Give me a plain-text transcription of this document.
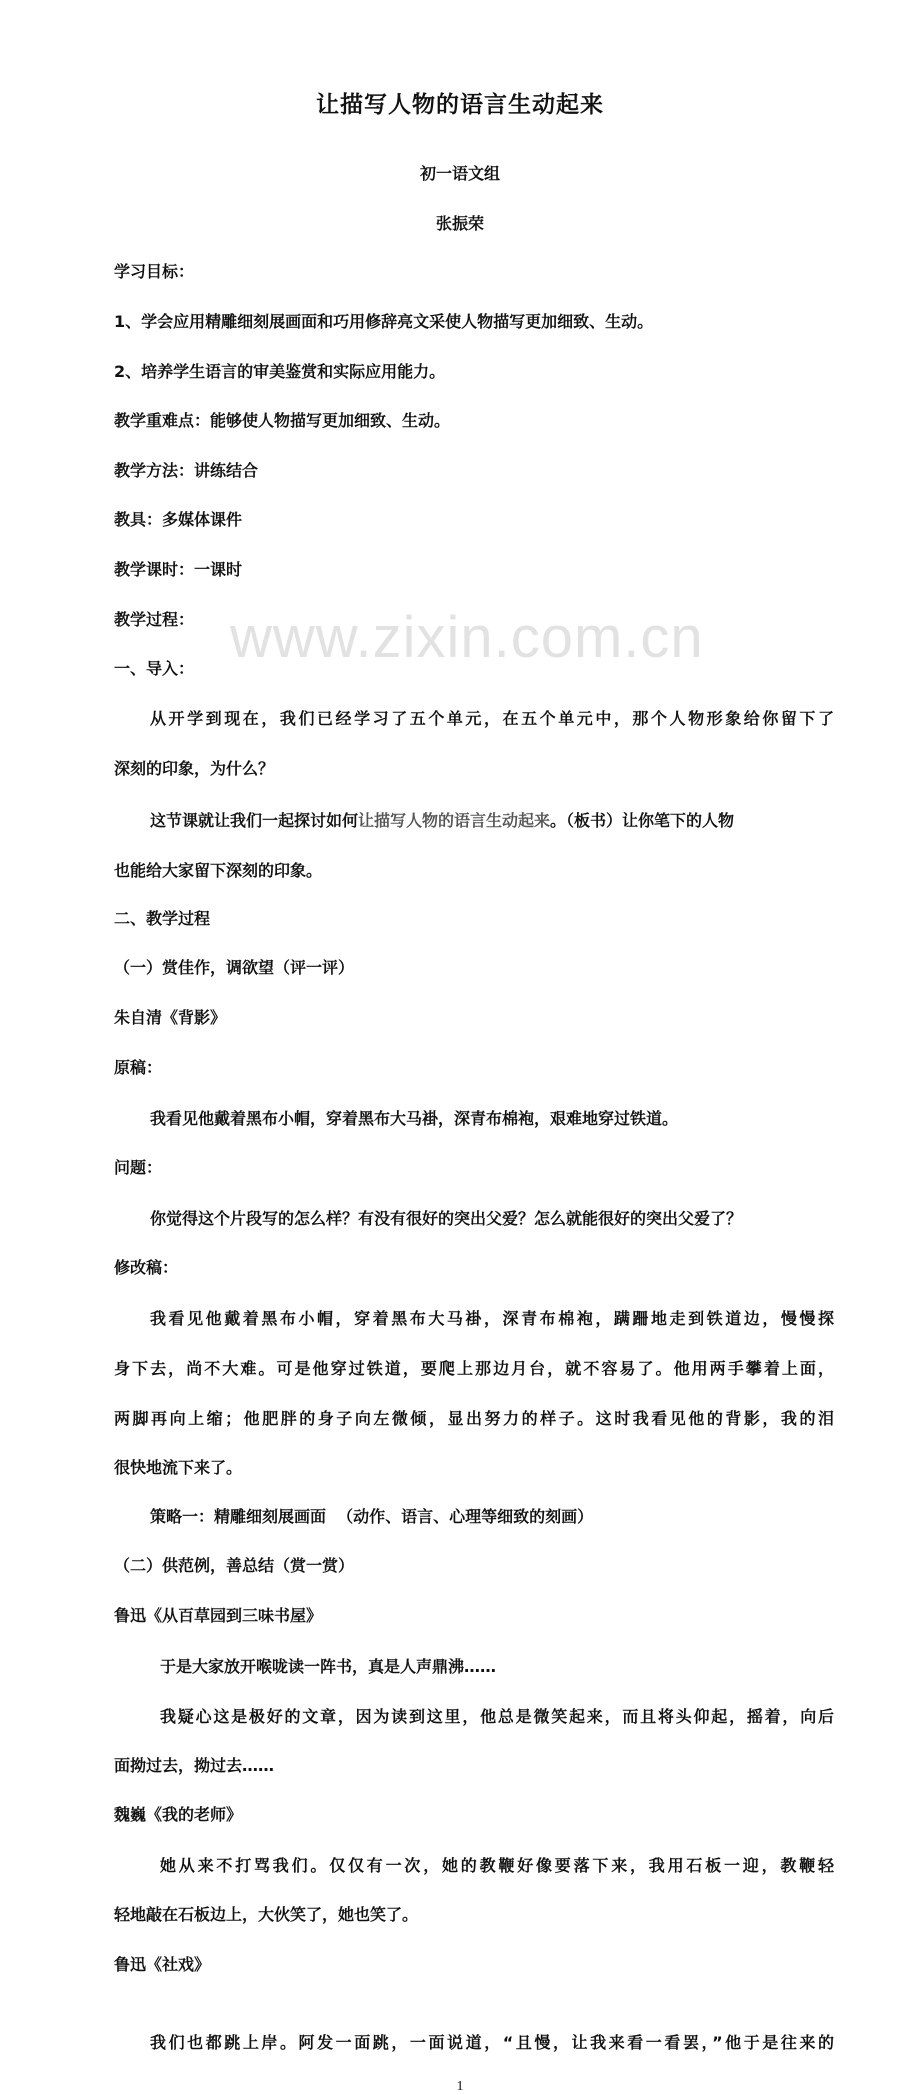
www.zixin.com.cn
让描写人物的语言生动起来
初一语文组
张振荣
学习目标：
1、学会应用精雕细刻展画面和巧用修辞亮文采使人物描写更加细致、生动。
2、培养学生语言的审美鉴赏和实际应用能力。
教学重难点：能够使人物描写更加细致、生动。
教学方法：讲练结合
教具：多媒体课件
教学课时：一课时
教学过程：
一、导入：
从开学到现在，我们已经学习了五个单元，在五个单元中，那个人物形象给你留下了
深刻的印象，为什么？
这节课就让我们一起探讨如何让描写人物的语言生动起来。（板书）让你笔下的人物
也能给大家留下深刻的印象。
二、教学过程
（一）赏佳作，调欲望（评一评）
朱自清《背影》
原稿：
我看见他戴着黑布小帽，穿着黑布大马褂，深青布棉袍，艰难地穿过铁道。
问题：
你觉得这个片段写的怎么样？有没有很好的突出父爱？怎么就能很好的突出父爱了？
修改稿：
我看见他戴着黑布小帽，穿着黑布大马褂，深青布棉袍，蹒跚地走到铁道边，慢慢探
身下去，尚不大难。可是他穿过铁道，要爬上那边月台，就不容易了。他用两手攀着上面，
两脚再向上缩；他肥胖的身子向左微倾，显出努力的样子。这时我看见他的背影，我的泪
很快地流下来了。
策略一：精雕细刻展画面  （动作、语言、心理等细致的刻画）
（二）供范例，善总结（赏一赏）
鲁迅《从百草园到三味书屋》
于是大家放开喉咙读一阵书，真是人声鼎沸……
我疑心这是极好的文章，因为读到这里，他总是微笑起来，而且将头仰起，摇着，向后
面拗过去，拗过去……
魏巍《我的老师》
她从来不打骂我们。仅仅有一次，她的教鞭好像要落下来，我用石板一迎，教鞭轻
轻地敲在石板边上，大伙笑了，她也笑了。
鲁迅《社戏》
我们也都跳上岸。阿发一面跳，一面说道，“且慢，让我来看一看罢，”他于是往来的
1
